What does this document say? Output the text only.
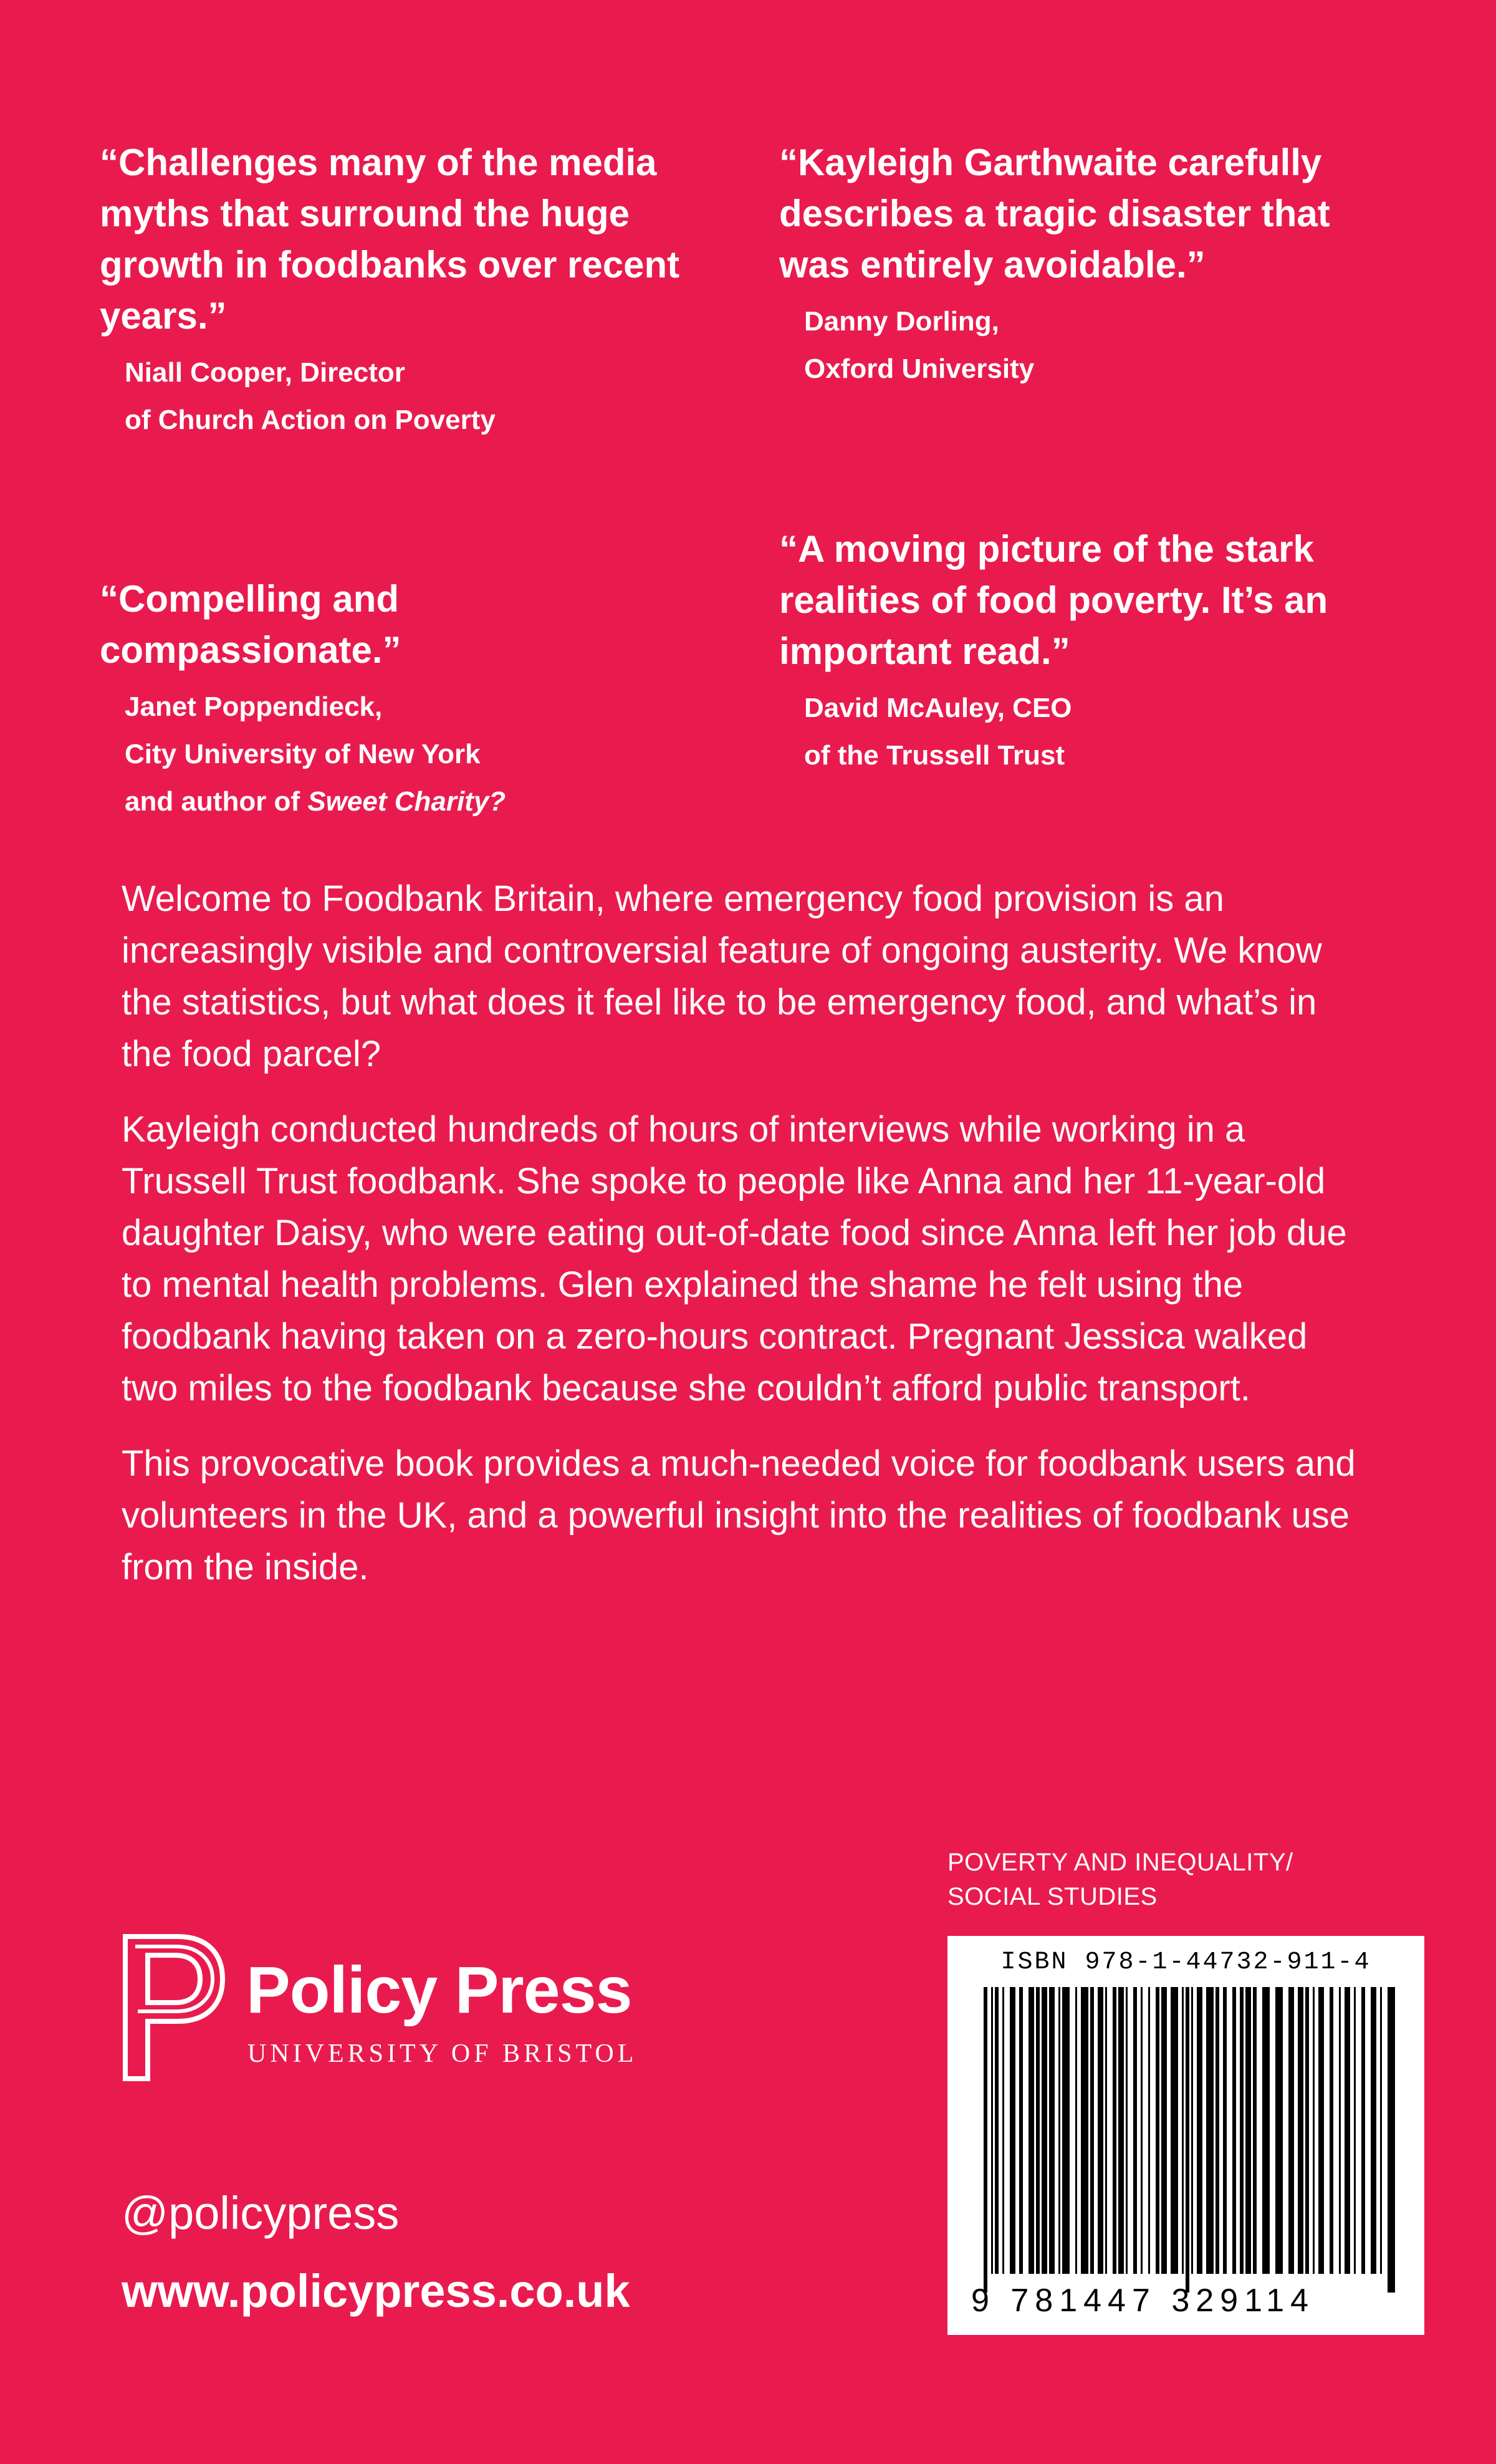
“Challenges many of the media myths that surround the huge growth in foodbanks over recent years.”

Niall Cooper, Director
of Church Action on Poverty

“Kayleigh Garthwaite carefully describes a tragic disaster that was entirely avoidable.”

Danny Dorling,
Oxford University

“Compelling and compassionate.”

Janet Poppendieck,
City University of New York
and author of Sweet Charity?

“A moving picture of the stark realities of food poverty. It’s an important read.”

David McAuley, CEO
of the Trussell Trust

Welcome to Foodbank Britain, where emergency food provision is an increasingly visible and controversial feature of ongoing austerity. We know the statistics, but what does it feel like to be emergency food, and what’s in the food parcel?

Kayleigh conducted hundreds of hours of interviews while working in a Trussell Trust foodbank. She spoke to people like Anna and her 11-year-old daughter Daisy, who were eating out-of-date food since Anna left her job due to mental health problems. Glen explained the shame he felt using the foodbank having taken on a zero-hours contract. Pregnant Jessica walked two miles to the foodbank because she couldn’t afford public transport.

This provocative book provides a much-needed voice for foodbank users and volunteers in the UK, and a powerful insight into the realities of foodbank use from the inside.

POVERTY AND INEQUALITY/
SOCIAL STUDIES
Policy Press
UNIVERSITY OF BRISTOL
ISBN 978-1-44732-911-4
9 781447 329114
@policypress
www.policypress.co.uk
